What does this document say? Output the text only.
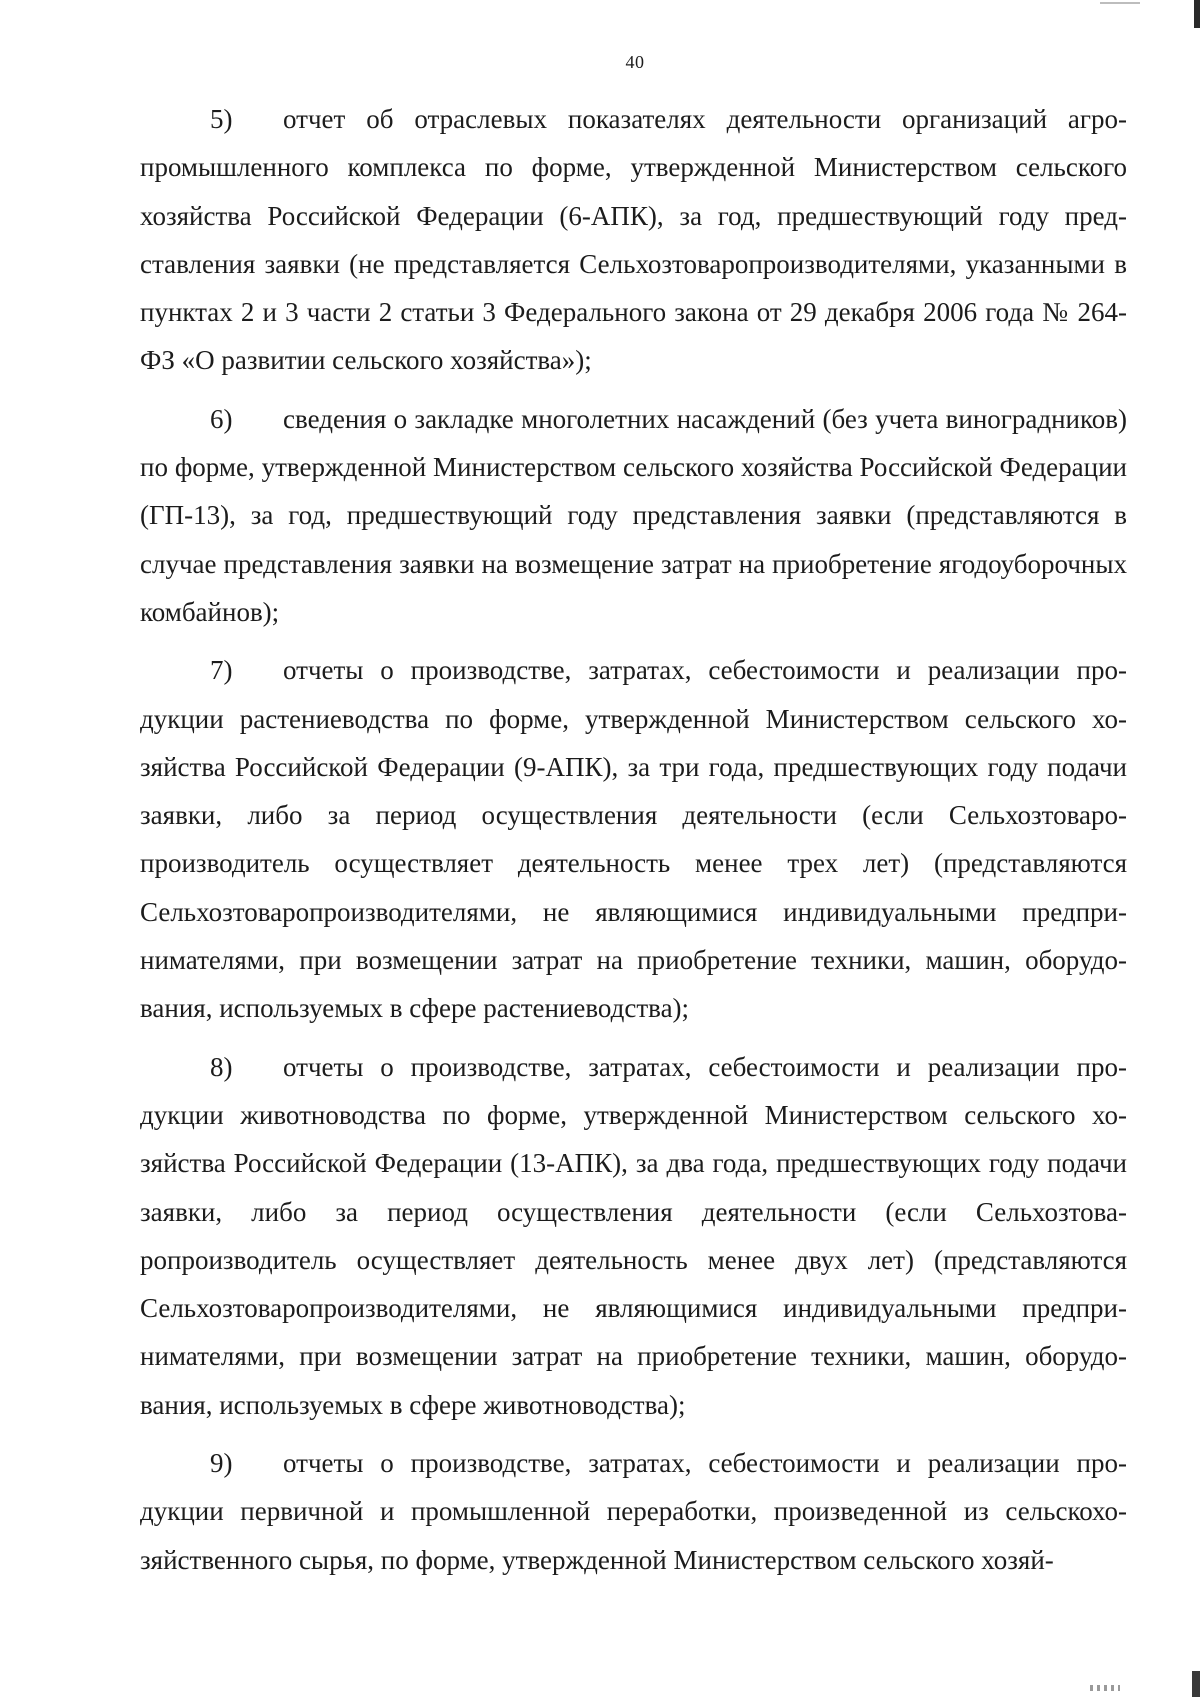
40

5) отчет об отраслевых показателях деятельности организаций агропромышленного комплекса по форме, утвержденной Министерством сельского хозяйства Российской Федерации (6-АПК), за год, предшествующий году представления заявки (не представляется Сельхозтоваропроизводителями, указанными в пунктах 2 и 3 части 2 статьи 3 Федерального закона от 29 декабря 2006 года № 264-ФЗ «О развитии сельского хозяйства»);

6) сведения о закладке многолетних насаждений (без учета виноградников) по форме, утвержденной Министерством сельского хозяйства Российской Федерации (ГП-13), за год, предшествующий году представления заявки (представляются в случае представления заявки на возмещение затрат на приобретение ягодоуборочных комбайнов);

7) отчеты о производстве, затратах, себестоимости и реализации продукции растениеводства по форме, утвержденной Министерством сельского хозяйства Российской Федерации (9-АПК), за три года, предшествующих году подачи заявки, либо за период осуществления деятельности (если Сельхозтоваропроизводитель осуществляет деятельность менее трех лет) (представляются Сельхозтоваропроизводителями, не являющимися индивидуальными предпринимателями, при возмещении затрат на приобретение техники, машин, оборудования, используемых в сфере растениеводства);

8) отчеты о производстве, затратах, себестоимости и реализации продукции животноводства по форме, утвержденной Министерством сельского хозяйства Российской Федерации (13-АПК), за два года, предшествующих году подачи заявки, либо за период осуществления деятельности (если Сельхозтоваропроизводитель осуществляет деятельность менее двух лет) (представляются Сельхозтоваропроизводителями, не являющимися индивидуальными предпринимателями, при возмещении затрат на приобретение техники, машин, оборудования, используемых в сфере животноводства);

9) отчеты о производстве, затратах, себестоимости и реализации продукции первичной и промышленной переработки, произведенной из сельскохозяйственного сырья, по форме, утвержденной Министерством сельского хозяй-
